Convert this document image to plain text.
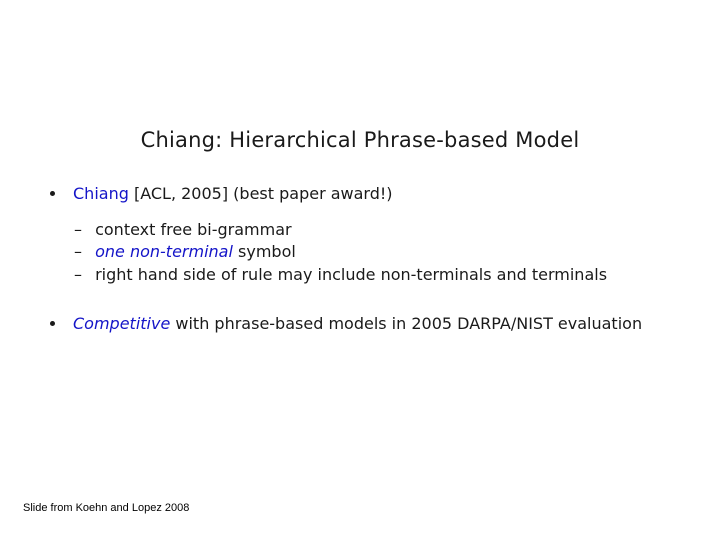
Chiang: Hierarchical Phrase-based Model
Chiang [ACL, 2005] (best paper award!)
– context free bi-grammar
– one non-terminal symbol
– right hand side of rule may include non-terminals and terminals
Competitive with phrase-based models in 2005 DARPA/NIST evaluation
Slide from Koehn and Lopez 2008
